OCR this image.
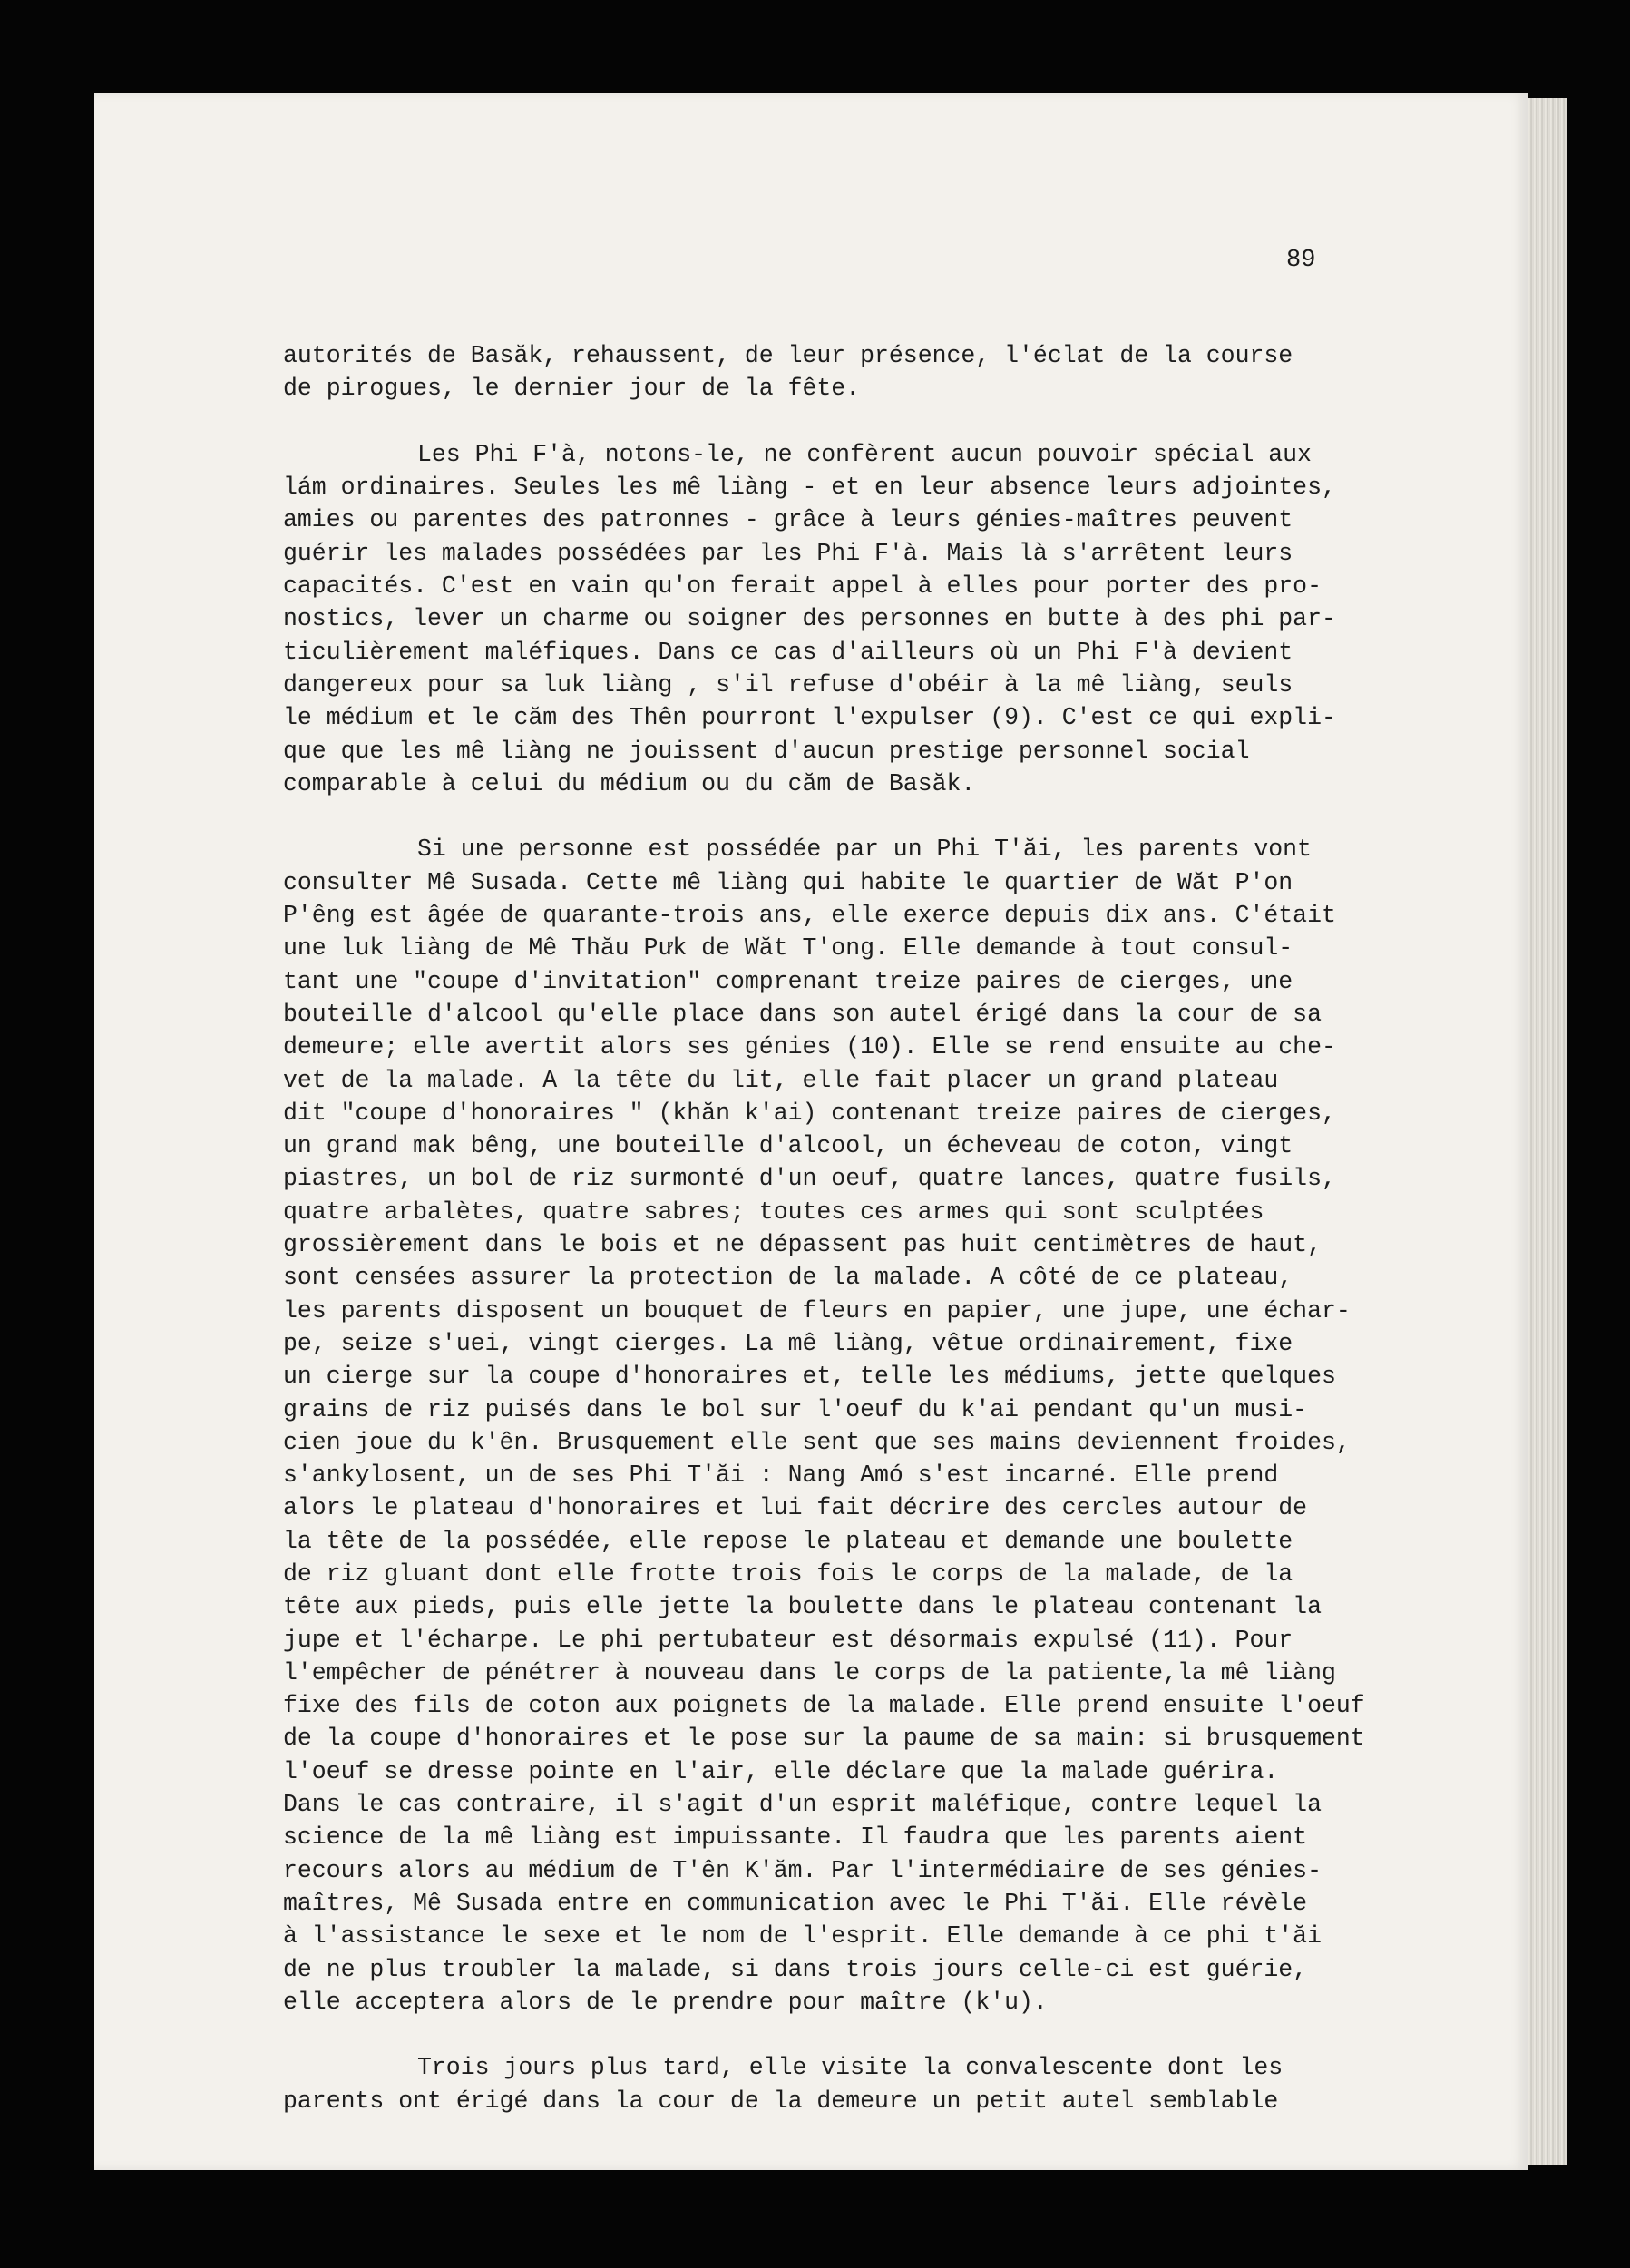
89

autorités de Basăk, rehaussent, de leur présence, l'éclat de la course
de pirogues, le dernier jour de la fête.

Les Phi F'à, notons-le, ne confèrent aucun pouvoir spécial aux
lám ordinaires. Seules les mê liàng - et en leur absence leurs adjointes,
amies ou parentes des patronnes - grâce à leurs génies-maîtres peuvent
guérir les malades possédées par les Phi F'à. Mais là s'arrêtent leurs
capacités. C'est en vain qu'on ferait appel à elles pour porter des pro-
nostics, lever un charme ou soigner des personnes en butte à des phi par-
ticulièrement maléfiques. Dans ce cas d'ailleurs où un Phi F'à devient
dangereux pour sa luk liàng , s'il refuse d'obéir à la mê liàng, seuls
le médium et le căm des Thên pourront l'expulser (9). C'est ce qui expli-
que que les mê liàng ne jouissent d'aucun prestige personnel social
comparable à celui du médium ou du căm de Basăk.

Si une personne est possédée par un Phi T'ăi, les parents vont
consulter Mê Susada. Cette mê liàng qui habite le quartier de Wăt P'on
P'êng est âgée de quarante-trois ans, elle exerce depuis dix ans. C'était
une luk liàng de Mê Thău Pưk de Wăt T'ong. Elle demande à tout consul-
tant une "coupe d'invitation" comprenant treize paires de cierges, une
bouteille d'alcool qu'elle place dans son autel érigé dans la cour de sa
demeure; elle avertit alors ses génies (10). Elle se rend ensuite au che-
vet de la malade. A la tête du lit, elle fait placer un grand plateau
dit "coupe d'honoraires " (khăn k'ai) contenant treize paires de cierges,
un grand mak bêng, une bouteille d'alcool, un écheveau de coton, vingt
piastres, un bol de riz surmonté d'un oeuf, quatre lances, quatre fusils,
quatre arbalètes, quatre sabres; toutes ces armes qui sont sculptées
grossièrement dans le bois et ne dépassent pas huit centimètres de haut,
sont censées assurer la protection de la malade. A côté de ce plateau,
les parents disposent un bouquet de fleurs en papier, une jupe, une échar-
pe, seize s'uei, vingt cierges. La mê liàng, vêtue ordinairement, fixe
un cierge sur la coupe d'honoraires et, telle les médiums, jette quelques
grains de riz puisés dans le bol sur l'oeuf du k'ai pendant qu'un musi-
cien joue du k'ên. Brusquement elle sent que ses mains deviennent froides,
s'ankylosent, un de ses Phi T'ăi : Nang Amó s'est incarné. Elle prend
alors le plateau d'honoraires et lui fait décrire des cercles autour de
la tête de la possédée, elle repose le plateau et demande une boulette
de riz gluant dont elle frotte trois fois le corps de la malade, de la
tête aux pieds, puis elle jette la boulette dans le plateau contenant la
jupe et l'écharpe. Le phi pertubateur est désormais expulsé (11). Pour
l'empêcher de pénétrer à nouveau dans le corps de la patiente,la mê liàng
fixe des fils de coton aux poignets de la malade. Elle prend ensuite l'oeuf
de la coupe d'honoraires et le pose sur la paume de sa main: si brusquement
l'oeuf se dresse pointe en l'air, elle déclare que la malade guérira.
Dans le cas contraire, il s'agit d'un esprit maléfique, contre lequel la
science de la mê liàng est impuissante. Il faudra que les parents aient
recours alors au médium de T'ên K'ăm. Par l'intermédiaire de ses génies-
maîtres, Mê Susada entre en communication avec le Phi T'ăi. Elle révèle
à l'assistance le sexe et le nom de l'esprit. Elle demande à ce phi t'ăi
de ne plus troubler la malade, si dans trois jours celle-ci est guérie,
elle acceptera alors de le prendre pour maître (k'u).

Trois jours plus tard, elle visite la convalescente dont les
parents ont érigé dans la cour de la demeure un petit autel semblable
